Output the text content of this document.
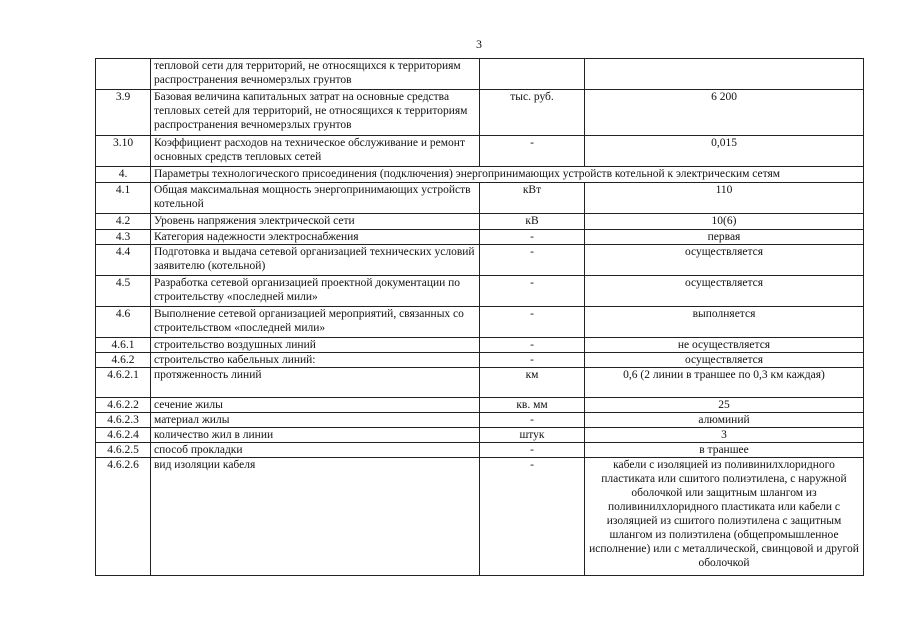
3
	тепловой сети для территорий, не относящихся к территориям распространения вечномерзлых грунтов		
3.9	Базовая величина капитальных затрат на основные средства тепловых сетей для территорий, не относящихся к территориям распространения вечномерзлых грунтов	тыс. руб.	6 200
3.10	Коэффициент расходов на техническое обслуживание и ремонт основных средств тепловых сетей	-	0,015
4.	Параметры технологического присоединения (подключения) энергопринимающих устройств котельной к электрическим сетям		
4.1	Общая максимальная мощность энергопринимающих устройств котельной	кВт	110
4.2	Уровень напряжения электрической сети	кВ	10(6)
4.3	Категория надежности электроснабжения	-	первая
4.4	Подготовка и выдача сетевой организацией технических условий заявителю (котельной)	-	осуществляется
4.5	Разработка сетевой организацией проектной документации по строительству «последней мили»	-	осуществляется
4.6	Выполнение сетевой организацией мероприятий, связанных со строительством «последней мили»	-	выполняется
4.6.1	строительство воздушных линий	-	не осуществляется
4.6.2	строительство кабельных линий:	-	осуществляется
4.6.2.1	протяженность линий	км	0,6 (2 линии в траншее по 0,3 км каждая)
4.6.2.2	сечение жилы	кв. мм	25
4.6.2.3	материал жилы	-	алюминий
4.6.2.4	количество жил в линии	штук	3
4.6.2.5	способ прокладки	-	в траншее
4.6.2.6	вид изоляции кабеля	-	кабели с изоляцией из поливинилхлоридного пластиката или сшитого полиэтилена, с наружной оболочкой или защитным шлангом из поливинилхлоридного пластиката или кабели с изоляцией из сшитого полиэтилена с защитным шлангом из полиэтилена (общепромышленное исполнение) или с металлической, свинцовой и другой оболочкой
